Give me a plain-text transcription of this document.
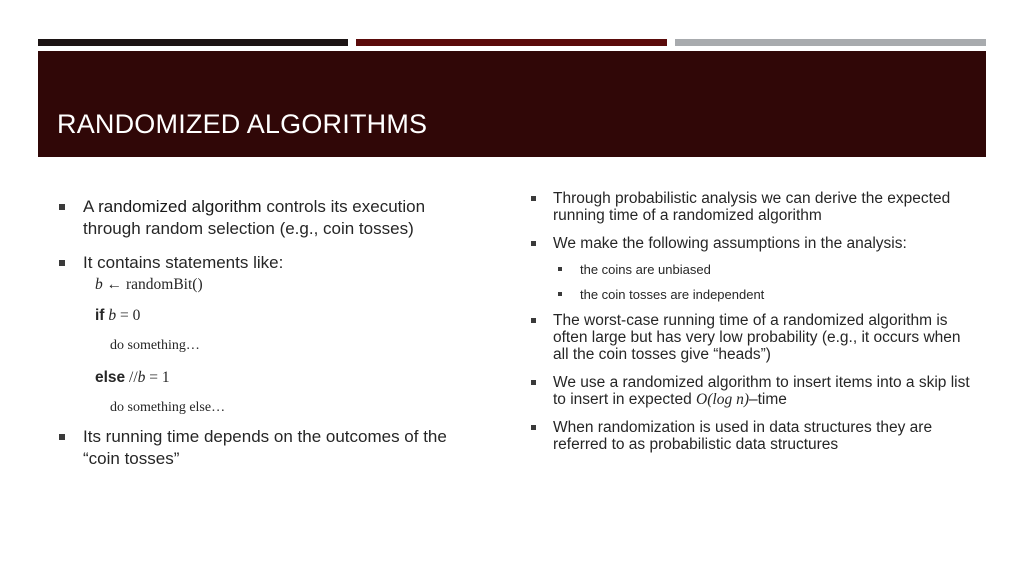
RANDOMIZED ALGORITHMS
A randomized algorithm controls its execution through random selection (e.g., coin tosses)
It contains statements like:
b ← randomBit()
if b = 0
do something…
else //b = 1
do something else…
Its running time depends on the outcomes of the “coin tosses”
Through probabilistic analysis we can derive the expected running time of a randomized algorithm
We make the following assumptions in the analysis:
the coins are unbiased
the coin tosses are independent
The worst-case running time of a randomized algorithm is often large but has very low probability (e.g., it occurs when all the coin tosses give “heads”)
We use a randomized algorithm to insert items into a skip list to insert in expected O(log n)–time
When randomization is used in data structures they are referred to as probabilistic data structures
